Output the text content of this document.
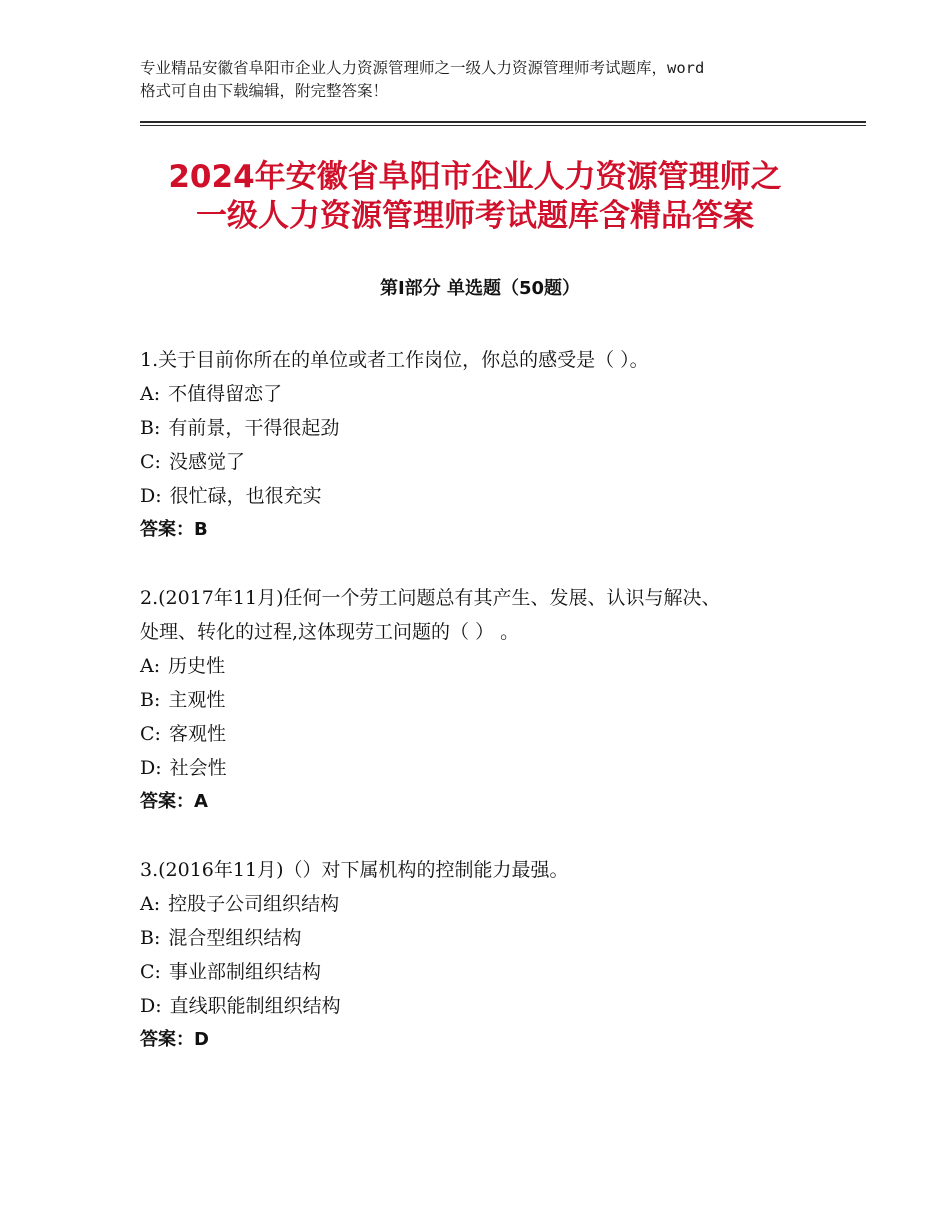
专业精品安徽省阜阳市企业人力资源管理师之一级人力资源管理师考试题库，word
格式可自由下载编辑，附完整答案！
2024年安徽省阜阳市企业人力资源管理师之
一级人力资源管理师考试题库含精品答案
第Ⅰ部分 单选题（50题）
1.关于目前你所在的单位或者工作岗位，你总的感受是（ ）。
A: 不值得留恋了
B: 有前景，干得很起劲
C: 没感觉了
D: 很忙碌，也很充实
答案：B
2.(2017年11月)任何一个劳工问题总有其产生、发展、认识与解决、
处理、转化的过程,这体现劳工问题的（ ） 。
A: 历史性
B: 主观性
C: 客观性
D: 社会性
答案：A
3.(2016年11月)（）对下属机构的控制能力最强。
A: 控股子公司组织结构
B: 混合型组织结构
C: 事业部制组织结构
D: 直线职能制组织结构
答案：D
